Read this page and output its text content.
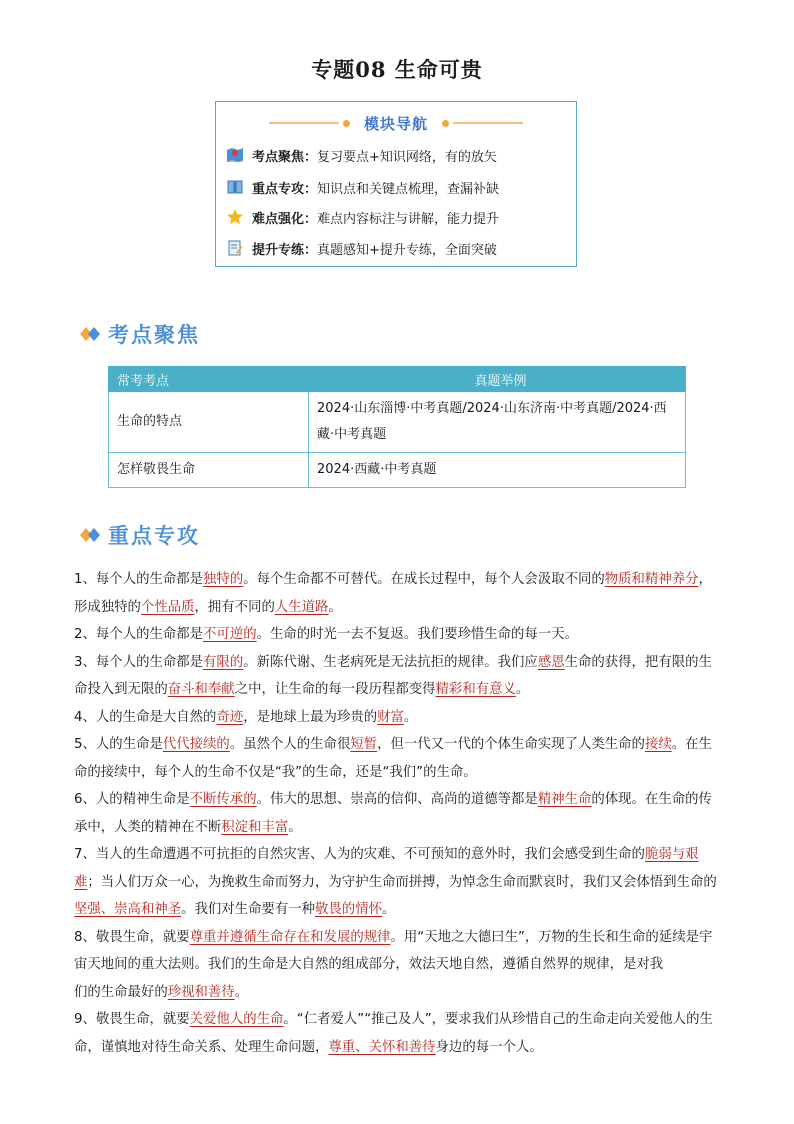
专题08 生命可贵
模块导航
考点聚焦： 复习要点+知识网络，有的放矢
重点专攻： 知识点和关键点梳理，查漏补缺
难点强化： 难点内容标注与讲解，能力提升
提升专练： 真题感知+提升专练，全面突破
考点聚焦
常考考点	真题举例
生命的特点	2024·山东淄博·中考真题/2024·山东济南·中考真题/2024·西藏·中考真题
怎样敬畏生命	2024·西藏·中考真题
重点专攻

1、每个人的生命都是独特的。每个生命都不可替代。在成长过程中，每个人会汲取不同的物质和精神养分，形成独特的个性品质，拥有不同的人生道路。

2、每个人的生命都是不可逆的。生命的时光一去不复返。我们要珍惜生命的每一天。

3、每个人的生命都是有限的。新陈代谢、生老病死是无法抗拒的规律。我们应感恩生命的获得，把有限的生命投入到无限的奋斗和奉献之中，让生命的每一段历程都变得精彩和有意义。

4、人的生命是大自然的奇迹，是地球上最为珍贵的财富。

5、人的生命是代代接续的。虽然个人的生命很短暂，但一代又一代的个体生命实现了人类生命的接续。在生命的接续中，每个人的生命不仅是“我”的生命，还是“我们”的生命。

6、人的精神生命是不断传承的。伟大的思想、崇高的信仰、高尚的道德等都是精神生命的体现。在生命的传承中，人类的精神在不断积淀和丰富。

7、当人的生命遭遇不可抗拒的自然灾害、人为的灾难、不可预知的意外时，我们会感受到生命的脆弱与艰难；当人们万众一心，为挽救生命而努力，为守护生命而拼搏，为悼念生命而默哀时，我们又会体悟到生命的坚强、崇高和神圣。我们对生命要有一种敬畏的情怀。

8、敬畏生命，就要尊重并遵循生命存在和发展的规律。用“天地之大德曰生”，万物的生长和生命的延续是宇宙天地间的重大法则。我们的生命是大自然的组成部分，效法天地自然，遵循自然界的规律，是对我
们的生命最好的珍视和善待。

9、敬畏生命，就要关爱他人的生命。“仁者爱人”“推己及人”，要求我们从珍惜自己的生命走向关爱他人的生命，谨慎地对待生命关系、处理生命问题，尊重、关怀和善待身边的每一个人。
